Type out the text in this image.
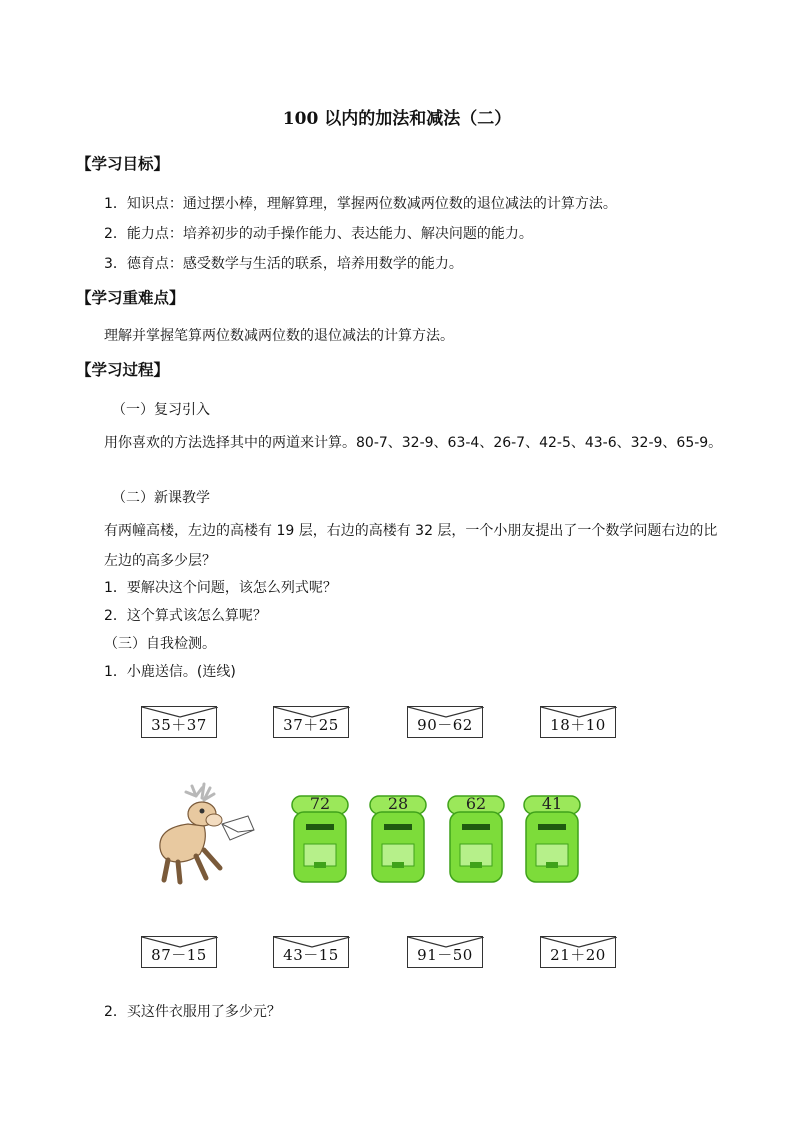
100 以内的加法和减法（二）
【学习目标】
1．知识点：通过摆小棒，理解算理，掌握两位数减两位数的退位减法的计算方法。
2．能力点：培养初步的动手操作能力、表达能力、解决问题的能力。
3．德育点：感受数学与生活的联系，培养用数学的能力。
【学习重难点】
理解并掌握笔算两位数减两位数的退位减法的计算方法。
【学习过程】
（一）复习引入
用你喜欢的方法选择其中的两道来计算。80-7、32-9、63-4、26-7、42-5、43-6、32-9、65-9。
（二）新课教学
有两幢高楼，左边的高楼有 19 层，右边的高楼有 32 层，一个小朋友提出了一个数学问题右边的比左边的高多少层？
1．要解决这个问题，该怎么列式呢？
2．这个算式该怎么算呢？
（三）自我检测。
1．小鹿送信。(连线)
35＋37	37＋25	90－62	18＋10
72	28	62	41
87－15	43－15	91－50	21＋20
2．买这件衣服用了多少元？
